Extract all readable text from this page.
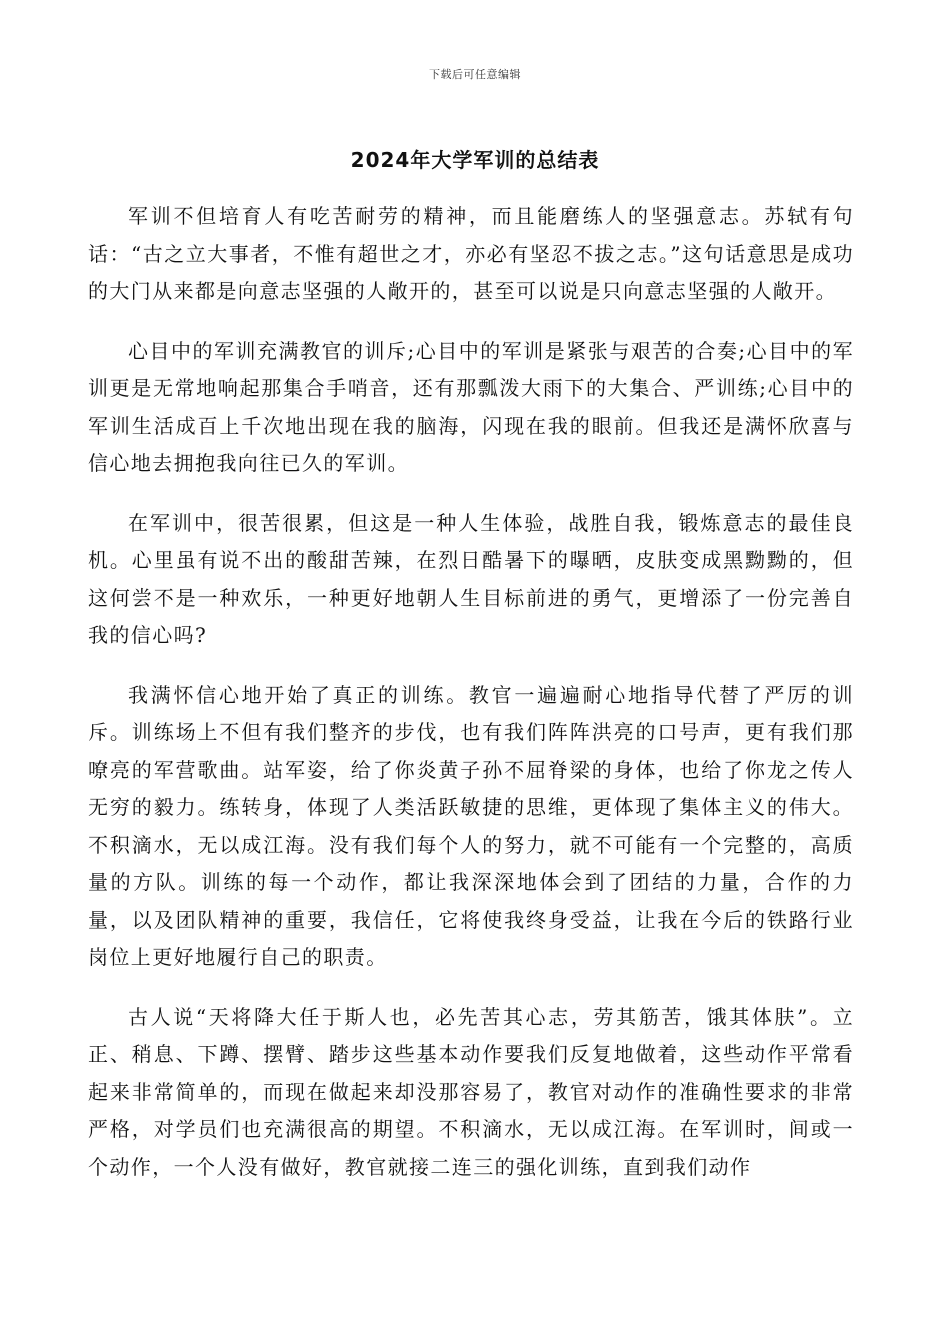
下载后可任意编辑
2024年大学军训的总结表

军训不但培育人有吃苦耐劳的精神，而且能磨练人的坚强意志。苏轼有句话：“古之立大事者，不惟有超世之才，亦必有坚忍不拔之志。”这句话意思是成功的大门从来都是向意志坚强的人敞开的，甚至可以说是只向意志坚强的人敞开。

心目中的军训充满教官的训斥;心目中的军训是紧张与艰苦的合奏;心目中的军训更是无常地响起那集合手哨音，还有那瓢泼大雨下的大集合、严训练;心目中的军训生活成百上千次地出现在我的脑海，闪现在我的眼前。但我还是满怀欣喜与信心地去拥抱我向往已久的军训。

在军训中，很苦很累，但这是一种人生体验，战胜自我，锻炼意志的最佳良机。心里虽有说不出的酸甜苦辣，在烈日酷暑下的曝晒，皮肤变成黑黝黝的，但这何尝不是一种欢乐，一种更好地朝人生目标前进的勇气，更增添了一份完善自我的信心吗?

我满怀信心地开始了真正的训练。教官一遍遍耐心地指导代替了严厉的训斥。训练场上不但有我们整齐的步伐，也有我们阵阵洪亮的口号声，更有我们那嘹亮的军营歌曲。站军姿，给了你炎黄子孙不屈脊梁的身体，也给了你龙之传人无穷的毅力。练转身，体现了人类活跃敏捷的思维，更体现了集体主义的伟大。不积滴水，无以成江海。没有我们每个人的努力，就不可能有一个完整的，高质量的方队。训练的每一个动作，都让我深深地体会到了团结的力量，合作的力量，以及团队精神的重要，我信任，它将使我终身受益，让我在今后的铁路行业岗位上更好地履行自己的职责。

古人说“天将降大任于斯人也，必先苦其心志，劳其筋苦，饿其体肤”。立正、稍息、下蹲、摆臂、踏步这些基本动作要我们反复地做着，这些动作平常看起来非常简单的，而现在做起来却没那容易了，教官对动作的准确性要求的非常严格，对学员们也充满很高的期望。不积滴水，无以成江海。在军训时，间或一个动作，一个人没有做好，教官就接二连三的强化训练，直到我们动作
